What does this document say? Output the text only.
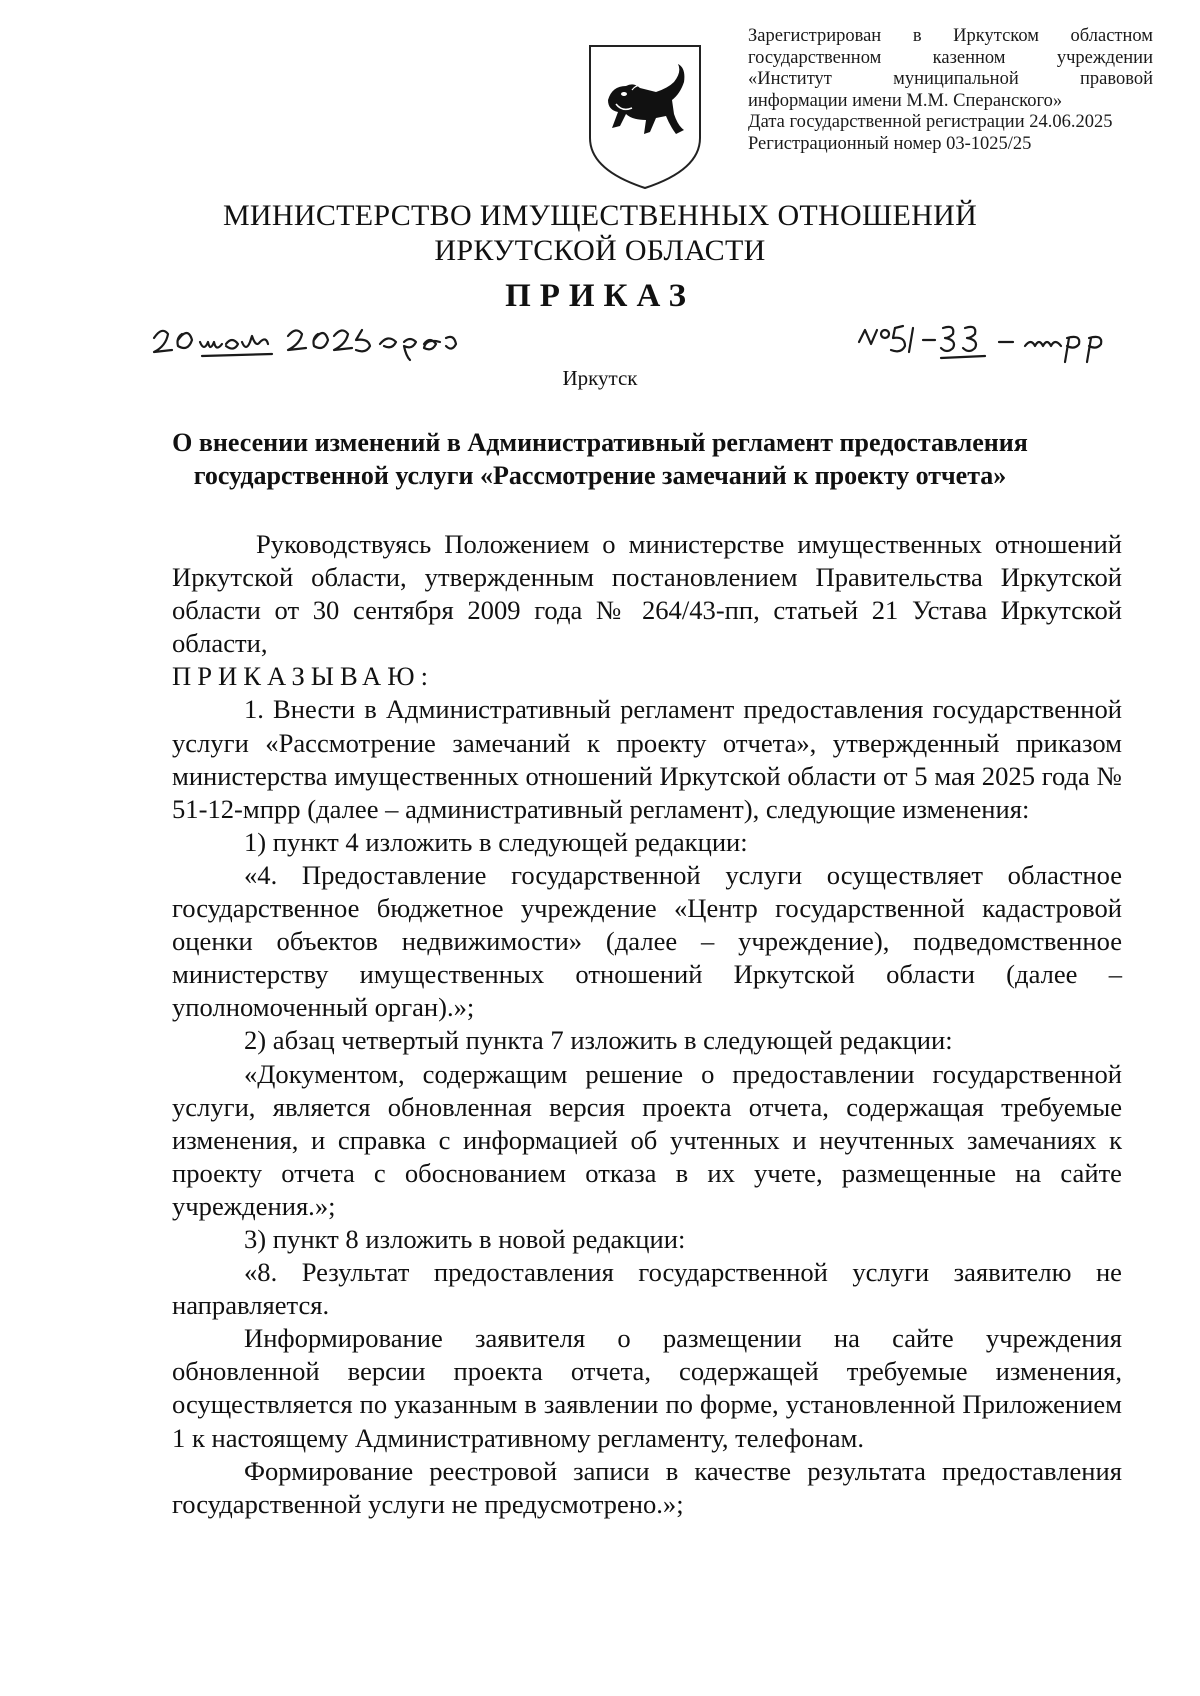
Зарегистрирован в Иркутском областном
государственном казенном учреждении
«Институт муниципальной правовой
информации имени М.М. Сперанского»
Дата государственной регистрации 24.06.2025
Регистрационный номер 03-1025/25
МИНИСТЕРСТВО ИМУЩЕСТВЕННЫХ ОТНОШЕНИЙ
ИРКУТСКОЙ ОБЛАСТИ
ПРИКАЗ
Иркутск
О внесении изменений в Административный регламент предоставления
государственной услуги «Рассмотрение замечаний к проекту отчета»

Руководствуясь Положением о министерстве имущественных отношений Иркутской области, утвержденным постановлением Правительства Иркутской области от 30 сентября 2009 года № 264/43-пп, статьей 21 Устава Иркутской области,

ПРИКАЗЫВАЮ:

1. Внести в Административный регламент предоставления государственной услуги «Рассмотрение замечаний к проекту отчета», утвержденный приказом министерства имущественных отношений Иркутской области от 5 мая 2025 года № 51-12-мпрр (далее – административный регламент), следующие изменения:

1) пункт 4 изложить в следующей редакции:

«4. Предоставление государственной услуги осуществляет областное государственное бюджетное учреждение «Центр государственной кадастровой оценки объектов недвижимости» (далее – учреждение), подведомственное министерству имущественных отношений Иркутской области (далее – уполномоченный орган).»;

2) абзац четвертый пункта 7 изложить в следующей редакции:

«Документом, содержащим решение о предоставлении государственной услуги, является обновленная версия проекта отчета, содержащая требуемые изменения, и справка с информацией об учтенных и неучтенных замечаниях к проекту отчета с обоснованием отказа в их учете, размещенные на сайте учреждения.»;

3) пункт 8 изложить в новой редакции:

«8. Результат предоставления государственной услуги заявителю не направляется.

Информирование заявителя о размещении на сайте учреждения обновленной версии проекта отчета, содержащей требуемые изменения, осуществляется по указанным в заявлении по форме, установленной Приложением 1 к настоящему Административному регламенту, телефонам.

Формирование реестровой записи в качестве результата предоставления государственной услуги не предусмотрено.»;
